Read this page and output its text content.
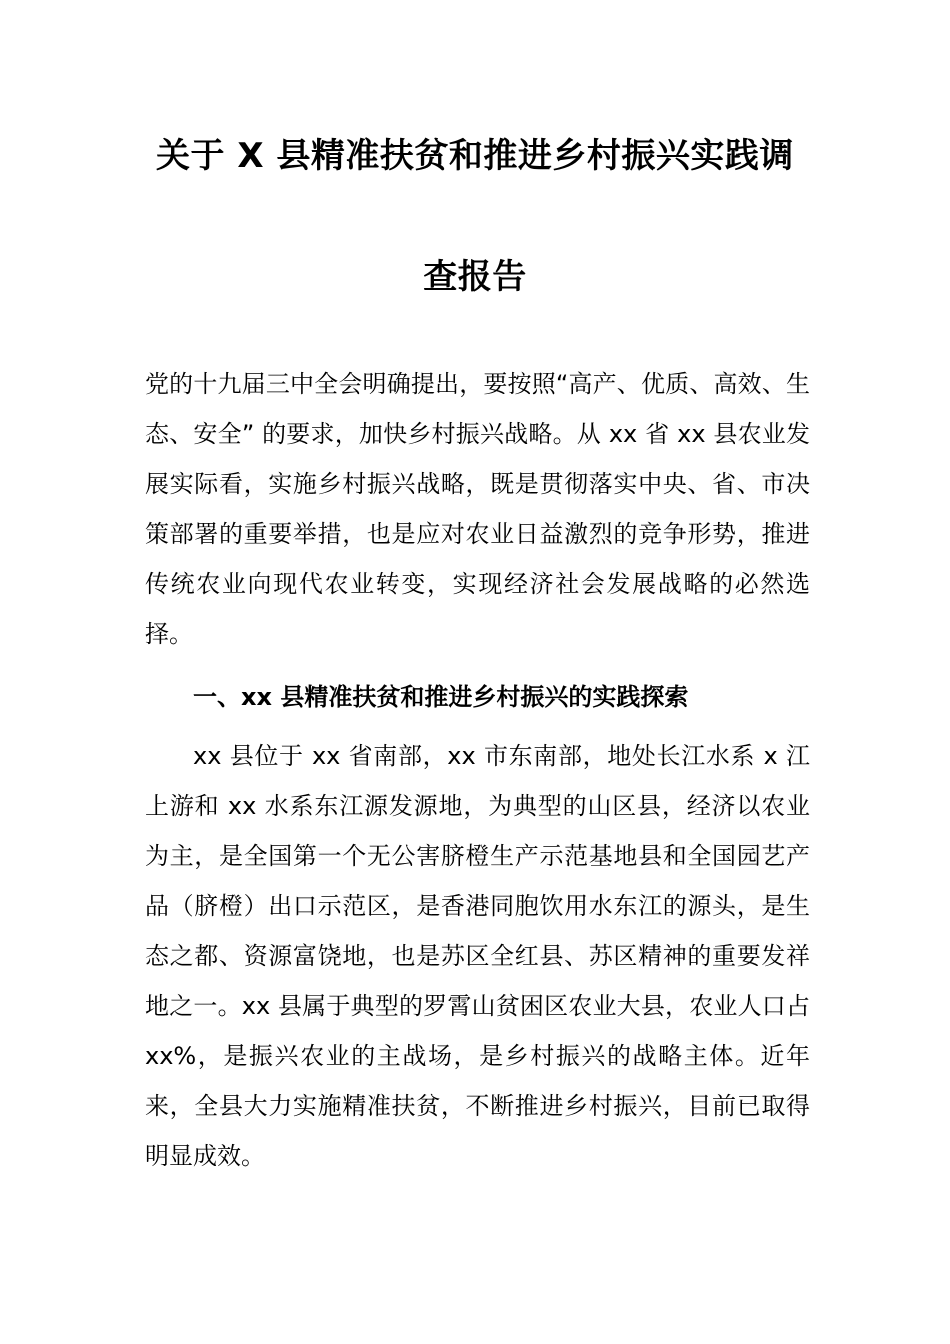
关于 X 县精准扶贫和推进乡村振兴实践调
查报告

党的十九届三中全会明确提出，要按照“高产、优质、高效、生态、安全” 的要求，加快乡村振兴战略。从 xx 省 xx 县农业发展实际看，实施乡村振兴战略，既是贯彻落实中央、省、市决策部署的重要举措，也是应对农业日益激烈的竞争形势，推进传统农业向现代农业转变，实现经济社会发展战略的必然选择。

一、xx 县精准扶贫和推进乡村振兴的实践探索

xx 县位于 xx 省南部，xx 市东南部，地处长江水系 x 江上游和 xx 水系东江源发源地，为典型的山区县，经济以农业为主，是全国第一个无公害脐橙生产示范基地县和全国园艺产品（脐橙）出口示范区，是香港同胞饮用水东江的源头，是生态之都、资源富饶地，也是苏区全红县、苏区精神的重要发祥地之一。xx 县属于典型的罗霄山贫困区农业大县，农业人口占 xx%，是振兴农业的主战场，是乡村振兴的战略主体。近年来，全县大力实施精准扶贫，不断推进乡村振兴，目前已取得明显成效。
